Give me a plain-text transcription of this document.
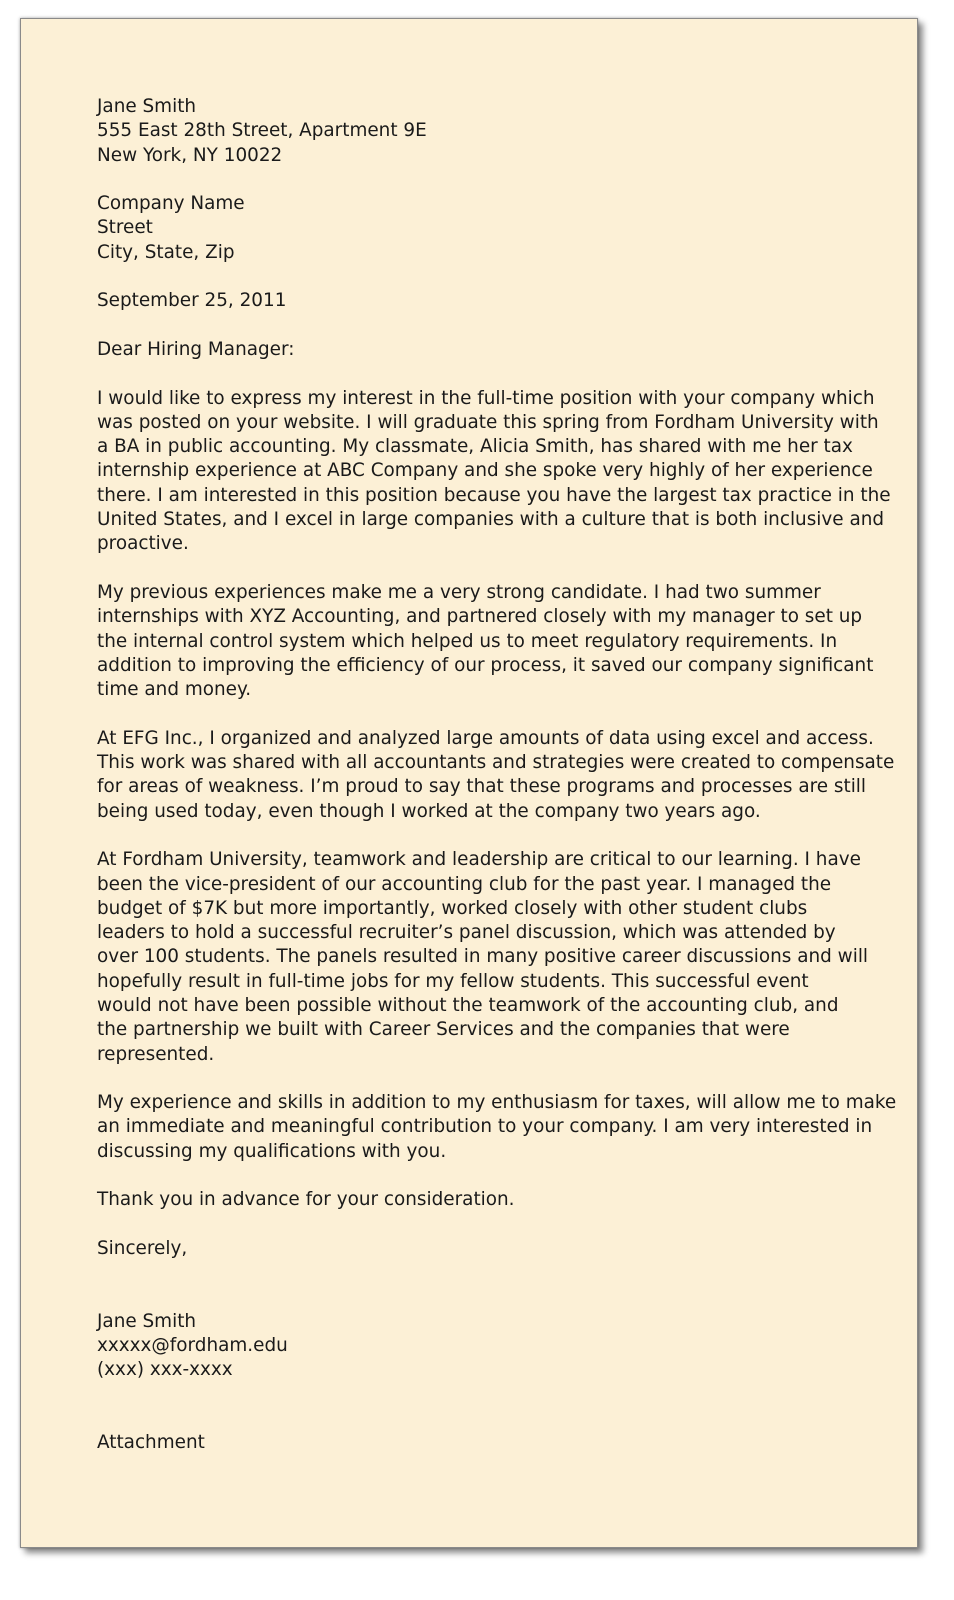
Jane Smith
555 East 28th Street, Apartment 9E
New York, NY 10022
Company Name
Street
City, State, Zip
September 25, 2011
Dear Hiring Manager:
I would like to express my interest in the full-time position with your company which
was posted on your website. I will graduate this spring from Fordham University with
a BA in public accounting. My classmate, Alicia Smith, has shared with me her tax
internship experience at ABC Company and she spoke very highly of her experience
there. I am interested in this position because you have the largest tax practice in the
United States, and I excel in large companies with a culture that is both inclusive and
proactive.
My previous experiences make me a very strong candidate. I had two summer
internships with XYZ Accounting, and partnered closely with my manager to set up
the internal control system which helped us to meet regulatory requirements. In
addition to improving the efficiency of our process, it saved our company significant
time and money.
At EFG Inc., I organized and analyzed large amounts of data using excel and access.
This work was shared with all accountants and strategies were created to compensate
for areas of weakness. I’m proud to say that these programs and processes are still
being used today, even though I worked at the company two years ago.
At Fordham University, teamwork and leadership are critical to our learning. I have
been the vice-president of our accounting club for the past year. I managed the
budget of $7K but more importantly, worked closely with other student clubs
leaders to hold a successful recruiter’s panel discussion, which was attended by
over 100 students. The panels resulted in many positive career discussions and will
hopefully result in full-time jobs for my fellow students. This successful event
would not have been possible without the teamwork of the accounting club, and
the partnership we built with Career Services and the companies that were
represented.
My experience and skills in addition to my enthusiasm for taxes, will allow me to make
an immediate and meaningful contribution to your company. I am very interested in
discussing my qualifications with you.
Thank you in advance for your consideration.
Sincerely,
Jane Smith
xxxxx@fordham.edu
(xxx) xxx-xxxx
Attachment
